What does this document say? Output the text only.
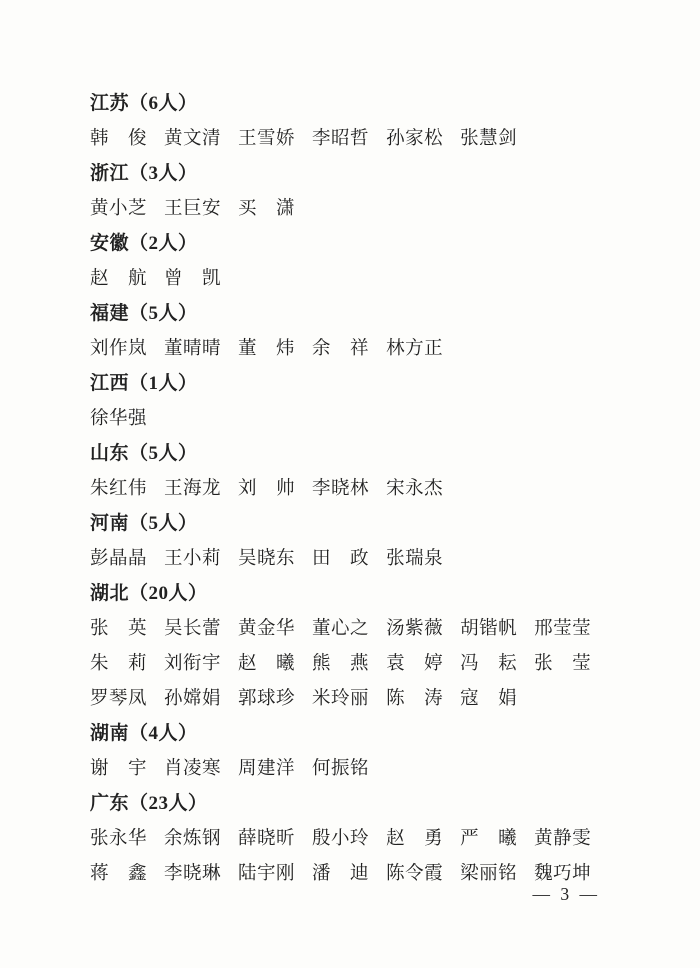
江苏（6人）
韩　俊 黄文清 王雪娇 李昭哲 孙家松 张慧剑
浙江（3人）
黄小芝 王巨安 买　潇
安徽（2人）
赵　航 曾　凯
福建（5人）
刘作岚 董晴晴 董　炜 余　祥 林方正
江西（1人）
徐华强
山东（5人）
朱红伟 王海龙 刘　帅 李晓林 宋永杰
河南（5人）
彭晶晶 王小莉 吴晓东 田　政 张瑞泉
湖北（20人）
张　英 吴长蕾 黄金华 董心之 汤紫薇 胡锴帆 邢莹莹
朱　莉 刘衔宇 赵　曦 熊　燕 袁　婷 冯　耘 张　莹
罗琴凤 孙嫦娟 郭球珍 米玲丽 陈　涛 寇　娟
湖南（4人）
谢　宇 肖凌寒 周建洋 何振铭
广东（23人）
张永华 余炼钢 薛晓昕 殷小玲 赵　勇 严　曦 黄静雯
蒋　鑫 李晓琳 陆宇刚 潘　迪 陈令霞 梁丽铭 魏巧坤
— 3 —
